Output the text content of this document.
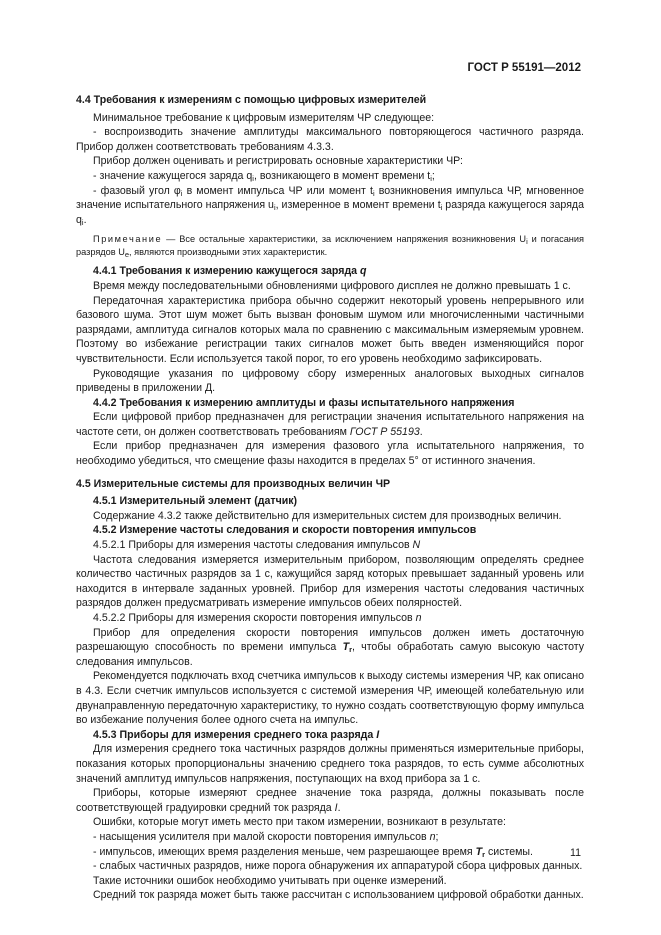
ГОСТ Р 55191—2012

4.4 Требования к измерениям с помощью цифровых измерителей

Минимальное требование к цифровым измерителям ЧР следующее:

- воспроизводить значение амплитуды максимального повторяющегося частичного разряда. Прибор должен соответствовать требованиям 4.3.3.

Прибор должен оценивать и регистрировать основные характеристики ЧР:

- значение кажущегося заряда $q_i$, возникающего в момент времени $t_i$;

- фазовый угол $\varphi_i$ в момент импульса ЧР или момент $t_i$ возникновения импульса ЧР, мгновенное значение испытательного напряжения $u_i$, измеренное в момент времени $t_i$ разряда кажущегося заряда $q_i$.

Примечание — Все остальные характеристики, за исключением напряжения возникновения $U_i$ и погасания разрядов $U_e$, являются производными этих характеристик.

4.4.1 Требования к измерению кажущегося заряда q

Время между последовательными обновлениями цифрового дисплея не должно превышать 1 с.

Передаточная характеристика прибора обычно содержит некоторый уровень непрерывного или базового шума. Этот шум может быть вызван фоновым шумом или многочисленными частичными разрядами, амплитуда сигналов которых мала по сравнению с максимальным измеряемым уровнем. Поэтому во избежание регистрации таких сигналов может быть введен изменяющийся порог чувствительности. Если используется такой порог, то его уровень необходимо зафиксировать.

Руководящие указания по цифровому сбору измеренных аналоговых выходных сигналов приведены в приложении Д.

4.4.2 Требования к измерению амплитуды и фазы испытательного напряжения

Если цифровой прибор предназначен для регистрации значения испытательного напряжения на частоте сети, он должен соответствовать требованиям ГОСТ Р 55193.

Если прибор предназначен для измерения фазового угла испытательного напряжения, то необходимо убедиться, что смещение фазы находится в пределах 5° от истинного значения.

4.5 Измерительные системы для производных величин ЧР

4.5.1 Измерительный элемент (датчик)

Содержание 4.3.2 также действительно для измерительных систем для производных величин.

4.5.2 Измерение частоты следования и скорости повторения импульсов

4.5.2.1 Приборы для измерения частоты следования импульсов N

Частота следования измеряется измерительным прибором, позволяющим определять среднее количество частичных разрядов за 1 с, кажущийся заряд которых превышает заданный уровень или находится в интервале заданных уровней. Прибор для измерения частоты следования частичных разрядов должен предусматривать измерение импульсов обеих полярностей.

4.5.2.2 Приборы для измерения скорости повторения импульсов n

Прибор для определения скорости повторения импульсов должен иметь достаточную разрешающую способность по времени импульса $T_r$, чтобы обработать самую высокую частоту следования импульсов.

Рекомендуется подключать вход счетчика импульсов к выходу системы измерения ЧР, как описано в 4.3. Если счетчик импульсов используется с системой измерения ЧР, имеющей колебательную или двунаправленную передаточную характеристику, то нужно создать соответствующую форму импульса во избежание получения более одного счета на импульс.

4.5.3 Приборы для измерения среднего тока разряда I

Для измерения среднего тока частичных разрядов должны применяться измерительные приборы, показания которых пропорциональны значению среднего тока разрядов, то есть сумме абсолютных значений амплитуд импульсов напряжения, поступающих на вход прибора за 1 с.

Приборы, которые измеряют среднее значение тока разряда, должны показывать после соответствующей градуировки средний ток разряда I.

Ошибки, которые могут иметь место при таком измерении, возникают в результате:

- насыщения усилителя при малой скорости повторения импульсов n;

- импульсов, имеющих время разделения меньше, чем разрешающее время $T_r$ системы.

- слабых частичных разрядов, ниже порога обнаружения их аппаратурой сбора цифровых данных.

Такие источники ошибок необходимо учитывать при оценке измерений.

Средний ток разряда может быть также рассчитан с использованием цифровой обработки данных.

11
